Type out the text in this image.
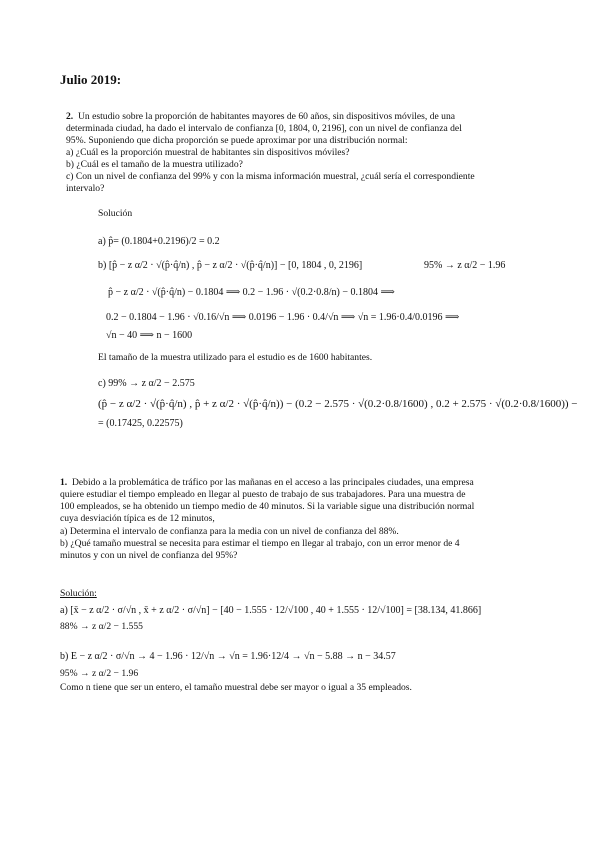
Julio 2019:
2. Un estudio sobre la proporción de habitantes mayores de 60 años, sin dispositivos móviles, de una
determinada ciudad, ha dado el intervalo de confianza [0, 1804, 0, 2196], con un nivel de confianza del
95%. Suponiendo que dicha proporción se puede aproximar por una distribución normal:
a) ¿Cuál es la proporción muestral de habitantes sin dispositivos móviles?
b) ¿Cuál es el tamaño de la muestra utilizado?
c) Con un nivel de confianza del 99% y con la misma información muestral, ¿cuál sería el correspondiente
intervalo?
Solución
a) p̂= (0.1804+0.2196)/2 = 0.2
b) [p̂ − z α/2 · √(p̂·q̂/n) , p̂ − z α/2 · √(p̂·q̂/n)] − [0, 1804 , 0, 2196]	95% → z α/2 − 1.96
p̂ − z α/2 · √(p̂·q̂/n) − 0.1804 ⟹ 0.2 − 1.96 · √(0.2·0.8/n) − 0.1804 ⟹
0.2 − 0.1804 − 1.96 · √0.16/√n ⟹ 0.0196 − 1.96 · 0.4/√n ⟹ √n = 1.96·0.4/0.0196 ⟹
√n − 40 ⟹ n − 1600
El tamaño de la muestra utilizado para el estudio es de 1600 habitantes.
c) 99% → z α/2 − 2.575
(p̂ − z α/2 · √(p̂·q̂/n) , p̂ + z α/2 · √(p̂·q̂/n)) − (0.2 − 2.575 · √(0.2·0.8/1600) , 0.2 + 2.575 · √(0.2·0.8/1600)) −
= (0.17425, 0.22575)
1. Debido a la problemática de tráfico por las mañanas en el acceso a las principales ciudades, una empresa
quiere estudiar el tiempo empleado en llegar al puesto de trabajo de sus trabajadores. Para una muestra de
100 empleados, se ha obtenido un tiempo medio de 40 minutos. Si la variable sigue una distribución normal
cuya desviación típica es de 12 minutos,
a) Determina el intervalo de confianza para la media con un nivel de confianza del 88%.
b) ¿Qué tamaño muestral se necesita para estimar el tiempo en llegar al trabajo, con un error menor de 4
minutos y con un nivel de confianza del 95%?
Solución:
a) [x̄ − z α/2 · σ/√n , x̄ + z α/2 · σ/√n] − [40 − 1.555 · 12/√100 , 40 + 1.555 · 12/√100] = [38.134, 41.866]
88% → z α/2 − 1.555
b) E − z α/2 · σ/√n → 4 − 1.96 · 12/√n → √n = 1.96·12/4 → √n − 5.88 → n − 34.57
95% → z α/2 − 1.96
Como n tiene que ser un entero, el tamaño muestral debe ser mayor o igual a 35 empleados.
